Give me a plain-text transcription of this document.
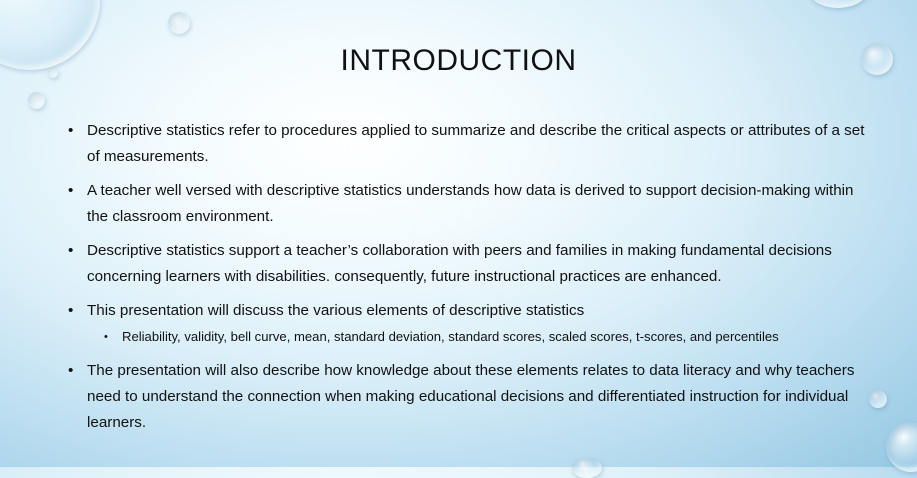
INTRODUCTION
• Descriptive statistics refer to procedures applied to summarize and describe the critical aspects or attributes of a set of measurements.
• A teacher well versed with descriptive statistics understands how data is derived to support decision-making within the classroom environment.
• Descriptive statistics support a teacher’s collaboration with peers and families in making fundamental decisions concerning learners with disabilities. consequently, future instructional practices are enhanced.
• This presentation will discuss the various elements of descriptive statistics
• Reliability, validity, bell curve, mean, standard deviation, standard scores, scaled scores, t-scores, and percentiles
• The presentation will also describe how knowledge about these elements relates to data literacy and why teachers need to understand the connection when making educational decisions and differentiated instruction for individual learners.
